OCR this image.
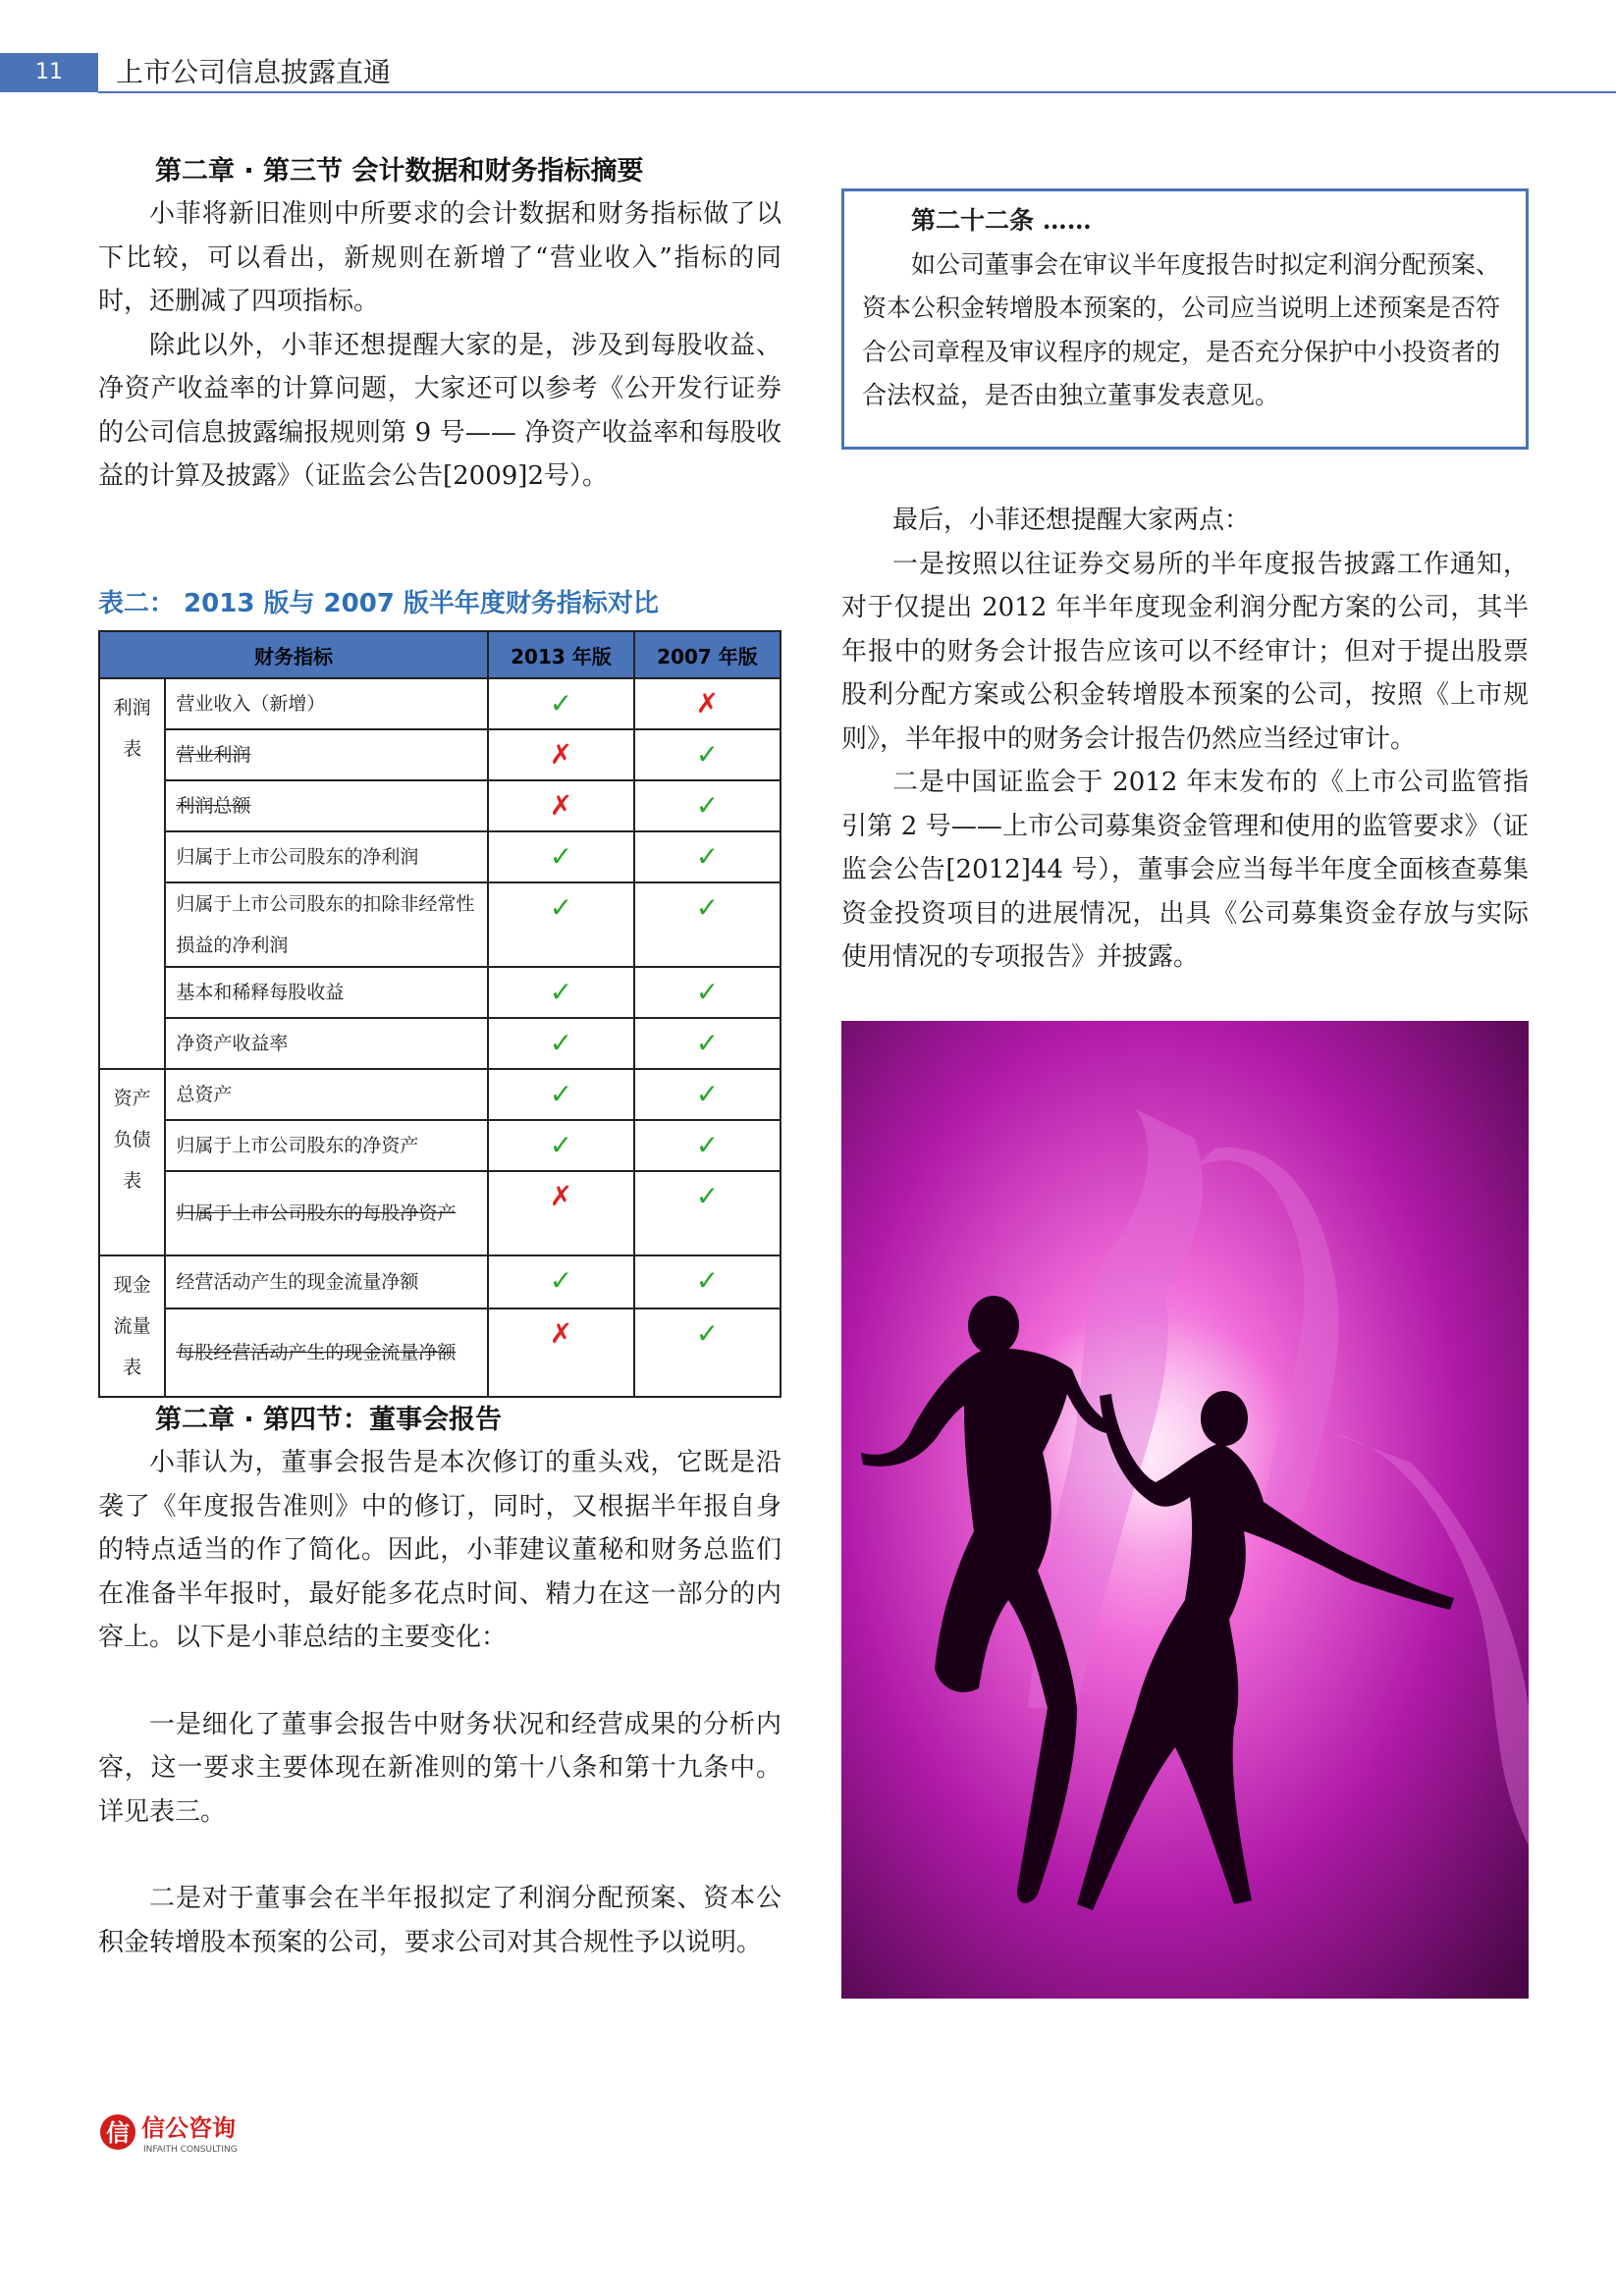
11	上市公司信息披露直通
第二章 · 第三节 会计数据和财务指标摘要

小菲将新旧准则中所要求的会计数据和财务指标做了以下比较，可以看出，新规则在新增了“营业收入”指标的同时，还删减了四项指标。

除此以外，小菲还想提醒大家的是，涉及到每股收益、净资产收益率的计算问题，大家还可以参考《公开发行证券的公司信息披露编报规则第 9 号—— 净资产收益率和每股收益的计算及披露》（证监会公告[2009]2号）。

表二： 2013 版与 2007 版半年度财务指标对比
财务指标		2013 年版	2007 年版

利润
表	营业收入（新增）	✓	✗
	营业利润	✗	✓
	利润总额	✗	✓
	归属于上市公司股东的净利润	✓	✓
	归属于上市公司股东的扣除非经常性损益的净利润	✓	✓
	基本和稀释每股收益	✓	✓
	净资产收益率	✓	✓

资产
负债
表	总资产	✓	✓
	归属于上市公司股东的净资产	✓	✓
	归属于上市公司股东的每股净资产	✗	✓

现金
流量
表	经营活动产生的现金流量净额	✓	✓
	每股经营活动产生的现金流量净额	✗	✓
第二章 · 第四节：董事会报告

小菲认为，董事会报告是本次修订的重头戏，它既是沿袭了《年度报告准则》中的修订，同时，又根据半年报自身的特点适当的作了简化。因此，小菲建议董秘和财务总监们在准备半年报时，最好能多花点时间、精力在这一部分的内容上。以下是小菲总结的主要变化：

一是细化了董事会报告中财务状况和经营成果的分析内容，这一要求主要体现在新准则的第十八条和第十九条中。详见表三。

二是对于董事会在半年报拟定了利润分配预案、资本公积金转增股本预案的公司，要求公司对其合规性予以说明。

第二十二条 ……

如公司董事会在审议半年度报告时拟定利润分配预案、资本公积金转增股本预案的，公司应当说明上述预案是否符合公司章程及审议程序的规定，是否充分保护中小投资者的合法权益，是否由独立董事发表意见。

最后，小菲还想提醒大家两点：

一是按照以往证券交易所的半年度报告披露工作通知，对于仅提出 2012 年半年度现金利润分配方案的公司，其半年报中的财务会计报告应该可以不经审计；但对于提出股票股利分配方案或公积金转增股本预案的公司，按照《上市规则》，半年报中的财务会计报告仍然应当经过审计。

二是中国证监会于 2012 年末发布的《上市公司监管指引第 2 号——上市公司募集资金管理和使用的监管要求》（证监会公告[2012]44 号），董事会应当每半年度全面核查募集资金投资项目的进展情况，出具《公司募集资金存放与实际使用情况的专项报告》并披露。

信 信公咨询
INFAITH CONSULTING
